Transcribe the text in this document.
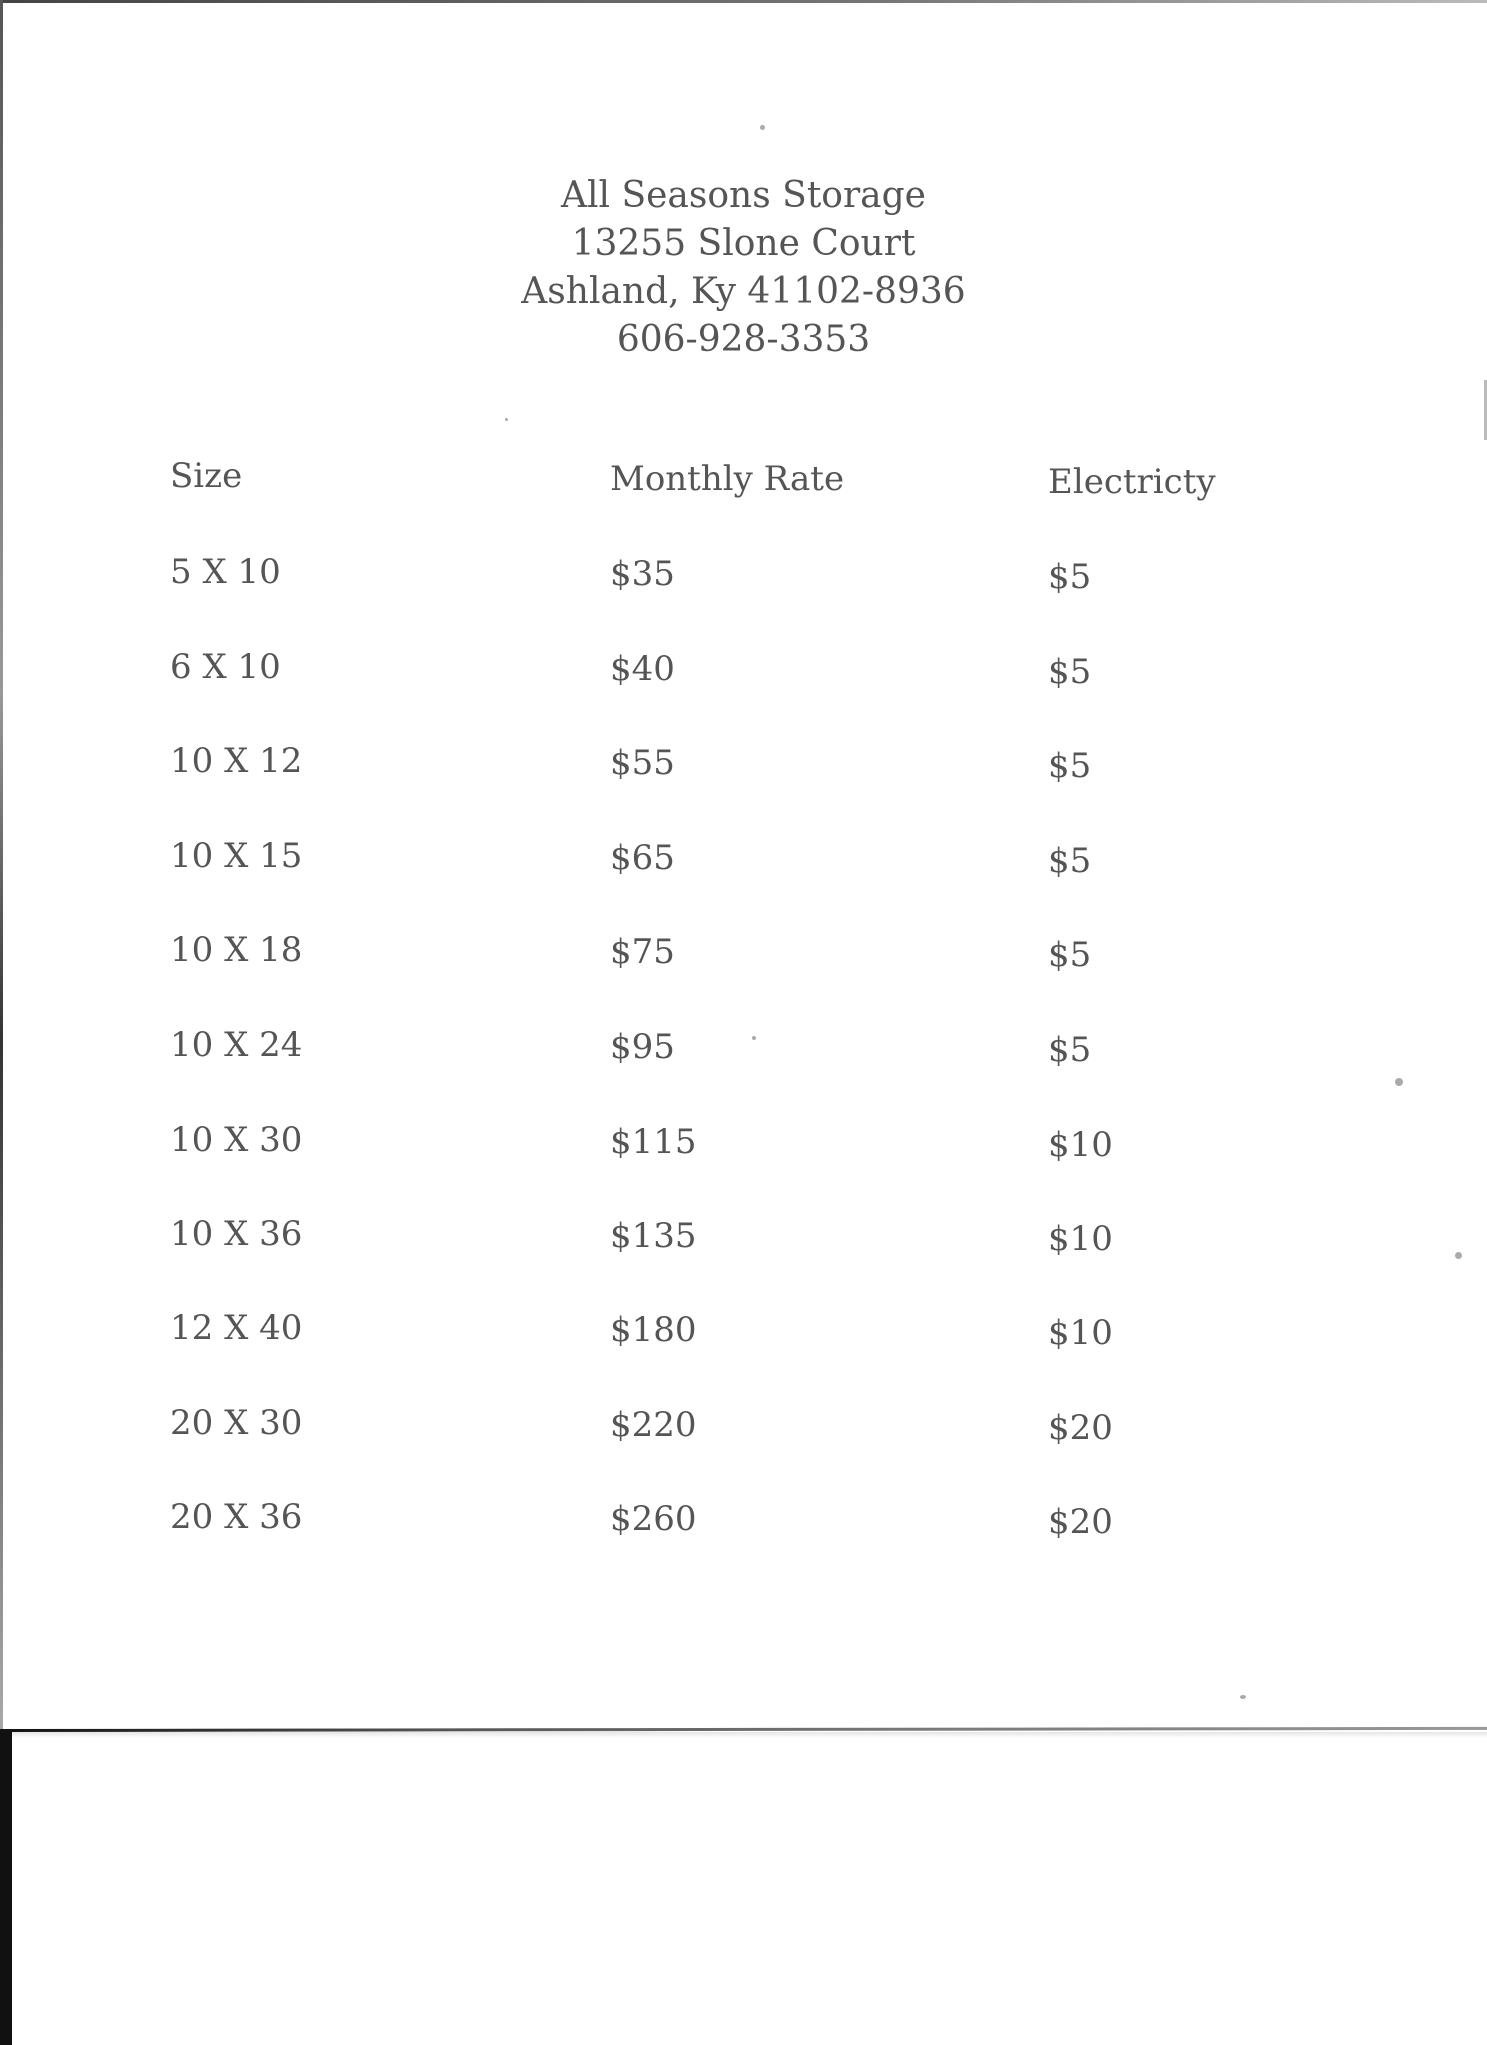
All Seasons Storage
13255 Slone Court
Ashland, Ky 41102-8936
606-928-3353
Size	Monthly Rate	Electricty
5 X 10	$35	$5
6 X 10	$40	$5
10 X 12	$55	$5
10 X 15	$65	$5
10 X 18	$75	$5
10 X 24	$95	$5
10 X 30	$115	$10
10 X 36	$135	$10
12 X 40	$180	$10
20 X 30	$220	$20
20 X 36	$260	$20
